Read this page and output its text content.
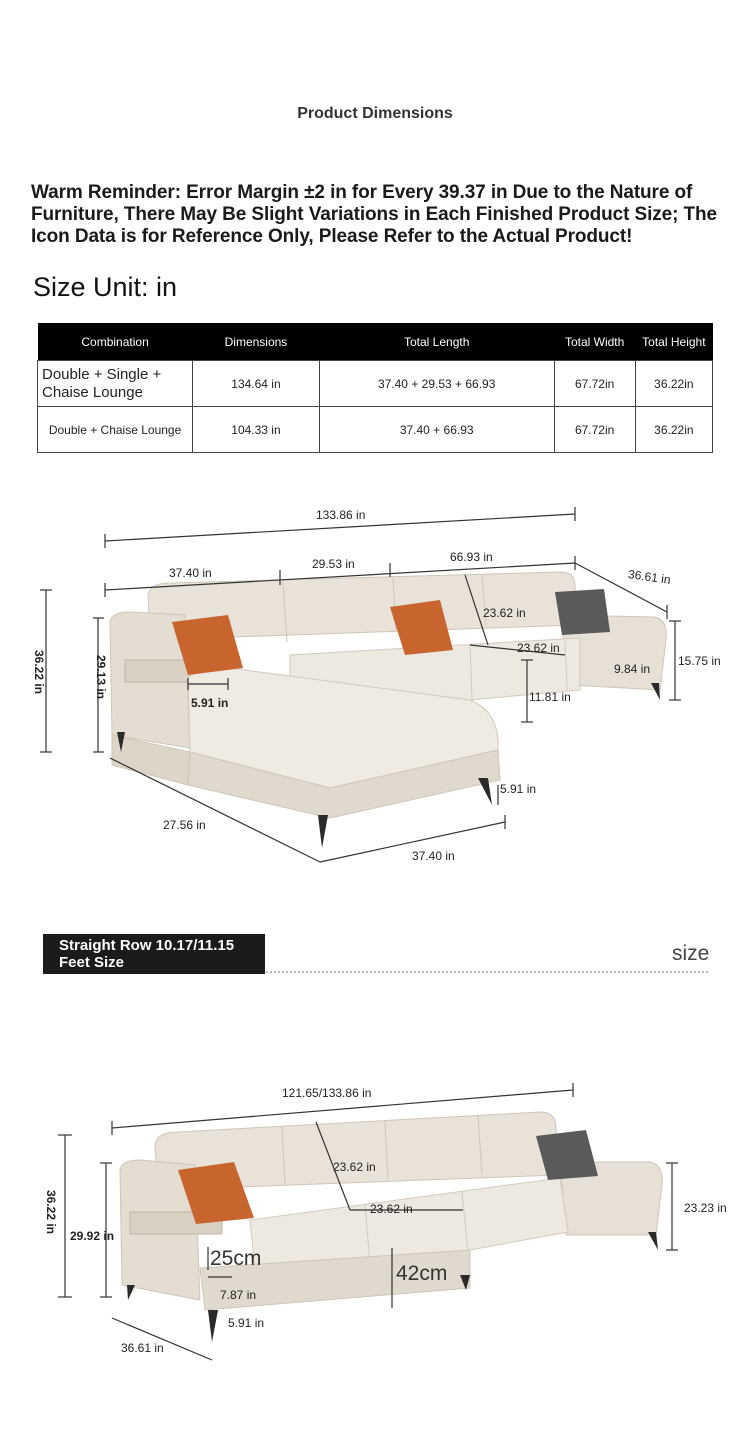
Product Dimensions
Warm Reminder: Error Margin ±2 in for Every 39.37 in Due to the Nature of Furniture, There May Be Slight Variations in Each Finished Product Size; The Icon Data is for Reference Only, Please Refer to the Actual Product!
Size Unit: in
Combination	Dimensions	Total Length	Total Width	Total Height
Double + Single + Chaise Lounge	134.64 in	37.40 + 29.53 + 66.93	67.72in	36.22in
Double + Chaise Lounge	104.33 in	37.40 + 66.93	67.72in	36.22in
133.86 in
37.40 in
29.53 in	66.93 in
36.61 in
36.22 in	29.13 in
5.91 in
23.62 in
23.62 in
11.81 in
9.84 in
15.75 in
5.91 in
27.56 in
37.40 in
Straight Row 10.17/11.15
Feet Size	size
121.65/133.86 in
36.22 in
29.92 in
23.62 in
23.62 in	23.23 in
25cm
42cm
7.87 in
5.91 in
36.61 in
